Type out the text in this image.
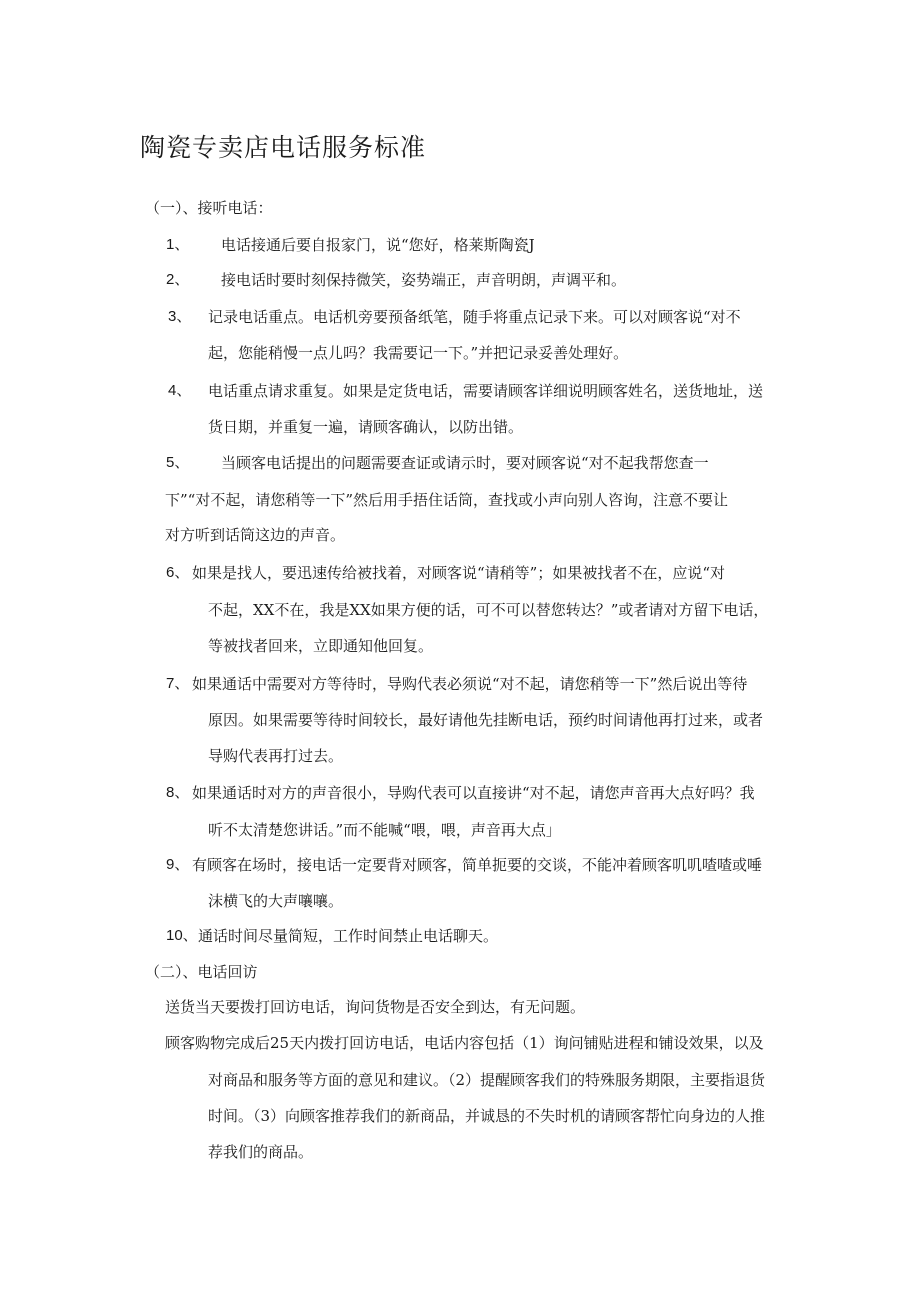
陶瓷专卖店电话服务标准
（一）、接听电话：
1、 电话接通后要自报家门，说“您好，格莱斯陶瓷J
2、 接电话时要时刻保持微笑，姿势端正，声音明朗，声调平和。
3、 记录电话重点。电话机旁要预备纸笔，随手将重点记录下来。可以对顾客说“对不
起，您能稍慢一点儿吗？我需要记一下。”并把记录妥善处理好。
4、 电话重点请求重复。如果是定货电话，需要请顾客详细说明顾客姓名，送货地址，送
货日期，并重复一遍，请顾客确认，以防出错。
5、 当顾客电话提出的问题需要查证或请示时，要对顾客说“对不起我帮您查一
下”“对不起，请您稍等一下”然后用手捂住话筒，查找或小声向别人咨询，注意不要让
对方听到话筒这边的声音。
6、 如果是找人，要迅速传给被找着，对顾客说“请稍等”；如果被找者不在，应说“对
不起，XX不在，我是XX如果方便的话，可不可以替您转达？”或者请对方留下电话，
等被找者回来，立即通知他回复。
7、 如果通话中需要对方等待时，导购代表必须说“对不起，请您稍等一下”然后说出等待
原因。如果需要等待时间较长，最好请他先挂断电话，预约时间请他再打过来，或者
导购代表再打过去。
8、 如果通话时对方的声音很小，导购代表可以直接讲“对不起，请您声音再大点好吗？我
听不太清楚您讲话。”而不能喊“喂，喂，声音再大点」
9、 有顾客在场时，接电话一定要背对顾客，简单扼要的交谈，不能冲着顾客叽叽喳喳或唾
沫横飞的大声嚷嚷。
10、 通话时间尽量简短，工作时间禁止电话聊天。
（二）、电话回访
送货当天要拨打回访电话，询问货物是否安全到达，有无问题。
顾客购物完成后25天内拨打回访电话，电话内容包括（1）询问铺贴进程和铺设效果，以及
对商品和服务等方面的意见和建议。（2）提醒顾客我们的特殊服务期限，主要指退货
时间。（3）向顾客推荐我们的新商品，并诚恳的不失时机的请顾客帮忙向身边的人推
荐我们的商品。
